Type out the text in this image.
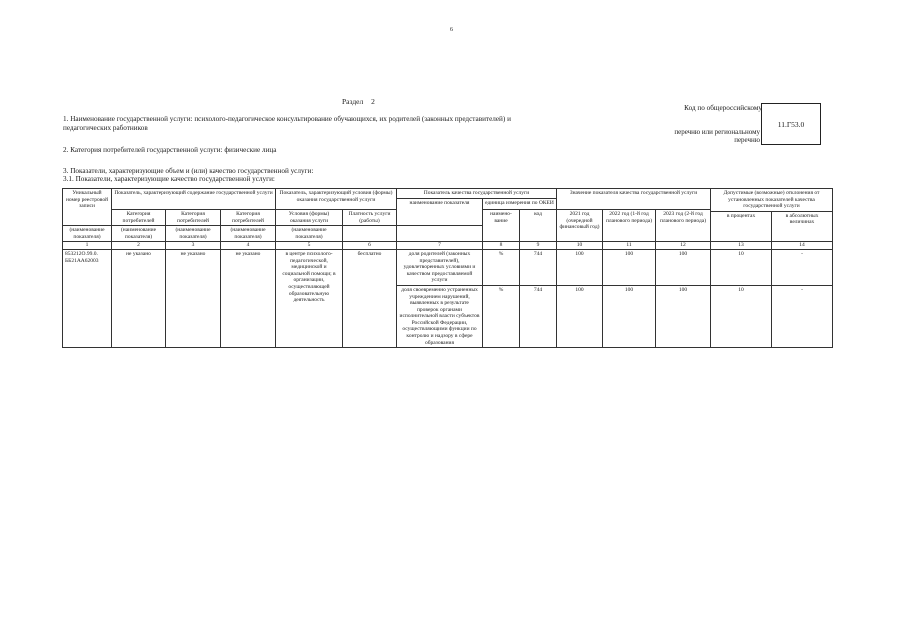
6
Раздел 2
1. Наименование государственной услуги: психолого-педагогическое консультирование обучающихся, их родителей (законных представителей) и педагогических работников
2. Категория потребителей государственной услуги: физические лица
3. Показатели, характеризующие объем и (или) качество государственной услуги:
3.1. Показатели, характеризующие качество государственной услуги:
Код по общероссийскому
перечню или региональному перечню
11.Г53.0
Уникальный номер реестровой записи	Показатель, характеризующий содержание государственной услуги			Показатель, характеризующий условия (формы) оказания государственной услуги		Показатель качества государственной услуги			Значение показателя качества государственной услуги			Допустимые (возможные) отклонения от установленных показателей качества государственной услуги	
						наименование показателя	единица измерения по ОКЕИ						
	Категория потребителей	Категория потребителей	Категория потребителей	Условия (формы) оказания услуги	Платность услуги (работы)		наимено-вание	код	2021 год (очередной финансовый год)	2022 год (1-й год планового периода)	2023 год (2-й год планового периода)		
												в процентах	в абсолютных величинах
(наименование показателя)	(наименование показателя)	(наименование показателя)	(наименование показателя)	(наименование показателя)									
1	2	3	4	5	6	7	8	9	10	11	12	13	14
853212О.99.0. ББ21АА62003	не указано	не указано	не указано	в центре психолого-педагогической, медицинской и социальной помощи; в организации, осуществляющей образовательную деятельность	бесплатно	доля родителей (законных представителей), удовлетворенных условиями и качеством предоставляемой услуги	%	744	100	100	100	10	-
						доля своевременно устраненных учреждением нарушений, выявленных в результате проверок органами исполнительной власти субъектов Российской Федерации, осуществляющими функции по контролю и надзору в сфере образования	%	744	100	100	100	10	-
